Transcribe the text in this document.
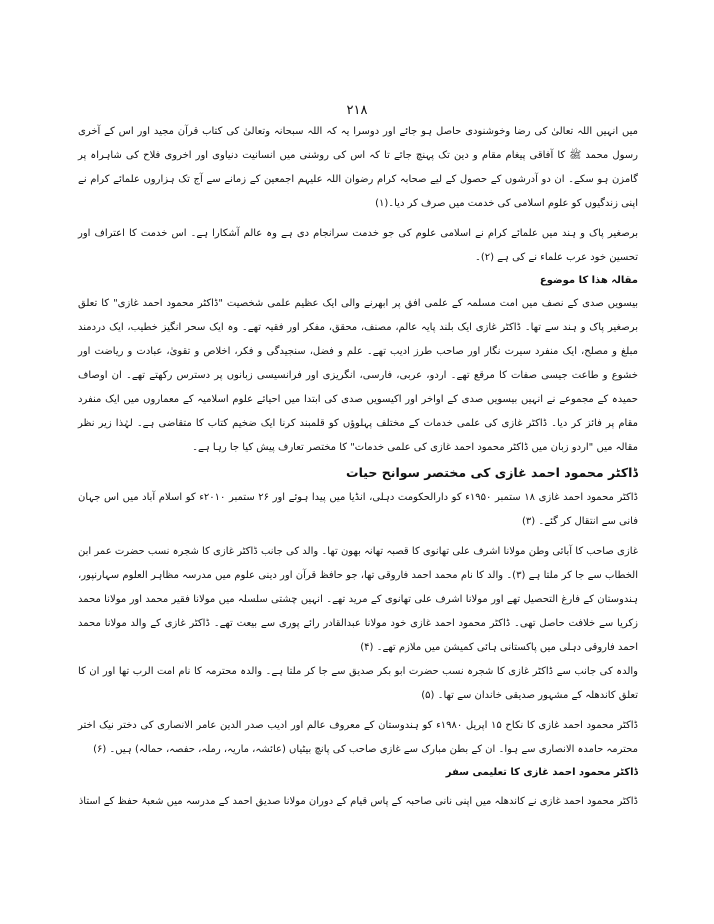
۲۱۸

میں انہیں اللہ تعالیٰ کی رضا وخوشنودی حاصل ہو جائے اور دوسرا یہ کہ اللہ سبحانہ وتعالیٰ کی کتاب قرآن مجید اور اس کے آخری رسول محمد ﷺ کا آفاقی پیغام مقام و دین تک پہنچ جائے تا کہ اس کی روشنی میں انسانیت دنیاوی اور اخروی فلاح کی شاہراہ پر گامزن ہو سکے۔ ان دو آدرشوں کے حصول کے لیے صحابہ کرام رضوان اللہ علیہم اجمعین کے زمانے سے آج تک ہزاروں علمائے کرام نے اپنی زندگیوں کو علوم اسلامی کی خدمت میں صرف کر دیا۔(۱)

برصغیر پاک و ہند میں علمائے کرام نے اسلامی علوم کی جو خدمت سرانجام دی ہے وہ عالم آشکارا ہے۔ اس خدمت کا اعتراف اور تحسین خود عرب علماء نے کی ہے (۲)۔

مقالہ ھذا کا موضوع

بیسویں صدی کے نصف میں امت مسلمہ کے علمی افق پر ابھرنے والی ایک عظیم علمی شخصیت "ڈاکٹر محمود احمد غازی" کا تعلق برصغیر پاک و ہند سے تھا۔ ڈاکٹر غازی ایک بلند پایہ عالم، مصنف، محقق، مفکر اور فقیہ تھے۔ وہ ایک سحر انگیز خطیب، ایک دردمند مبلغ و مصلح، ایک منفرد سیرت نگار اور صاحب طرز ادیب تھے۔ علم و فضل، سنجیدگی و فکر، اخلاص و تقویٰ، عبادت و ریاضت اور خشوع و طاعت جیسی صفات کا مرقع تھے۔ اردو، عربی، فارسی، انگریزی اور فرانسیسی زبانوں پر دسترس رکھتے تھے۔ ان اوصاف حمیدہ کے مجموعے نے انہیں بیسویں صدی کے اواخر اور اکیسویں صدی کی ابتدا میں احیائے علوم اسلامیہ کے معماروں میں ایک منفرد مقام پر فائز کر دیا۔ ڈاکٹر غازی کی علمی خدمات کے مختلف پہلوؤں کو قلمبند کرنا ایک ضخیم کتاب کا متقاضی ہے۔ لہٰذا زیر نظر مقالہ میں "اردو زبان میں ڈاکٹر محمود احمد غازی کی علمی خدمات" کا مختصر تعارف پیش کیا جا رہا ہے۔

ڈاکٹر محمود احمد غازی کی مختصر سوانح حیات

ڈاکٹر محمود احمد غازی ۱۸ ستمبر ۱۹۵۰ء کو دارالحکومت دہلی، انڈیا میں پیدا ہوئے اور ۲۶ ستمبر ۲۰۱۰ء کو اسلام آباد میں اس جہان فانی سے انتقال کر گئے۔ (۳)

غازی صاحب کا آبائی وطن مولانا اشرف علی تھانوی کا قصبہ تھانہ بھون تھا۔ والد کی جانب ڈاکٹر غازی کا شجرہ نسب حضرت عمر ابن الخطاب سے جا کر ملتا ہے (۳)۔ والد کا نام محمد احمد فاروقی تھا، جو حافظ قرآن اور دینی علوم میں مدرسہ مظاہر العلوم سہارنپور، ہندوستان کے فارغ التحصیل تھے اور مولانا اشرف علی تھانوی کے مرید تھے۔ انہیں چشتی سلسلہ میں مولانا فقیر محمد اور مولانا محمد زکریا سے خلافت حاصل تھی۔ ڈاکٹر محمود احمد غازی خود مولانا عبدالقادر رائے پوری سے بیعت تھے۔ ڈاکٹر غازی کے والد مولانا محمد احمد فاروقی دہلی میں پاکستانی ہائی کمیشن میں ملازم تھے۔ (۴)

والدہ کی جانب سے ڈاکٹر غازی کا شجرہ نسب حضرت ابو بکر صدیق سے جا کر ملتا ہے۔ والدہ محترمہ کا نام امت الرب تھا اور ان کا تعلق کاندھلہ کے مشہور صدیقی خاندان سے تھا۔ (۵)

ڈاکٹر محمود احمد غازی کا نکاح ۱۵ اپریل ۱۹۸۰ء کو ہندوستان کے معروف عالم اور ادیب صدر الدین عامر الانصاری کی دختر نیک اختر محترمہ حامدہ الانصاری سے ہوا۔ ان کے بطن مبارک سے غازی صاحب کی پانچ بیٹیاں (عائشہ، ماریہ، رملہ، حفصہ، حمالہ) ہیں۔ (۶)

ڈاکٹر محمود احمد غازی کا تعلیمی سفر

ڈاکٹر محمود احمد غازی نے کاندھلہ میں اپنی نانی صاحبہ کے پاس قیام کے دوران مولانا صدیق احمد کے مدرسہ میں شعبۂ حفظ کے استاذ
